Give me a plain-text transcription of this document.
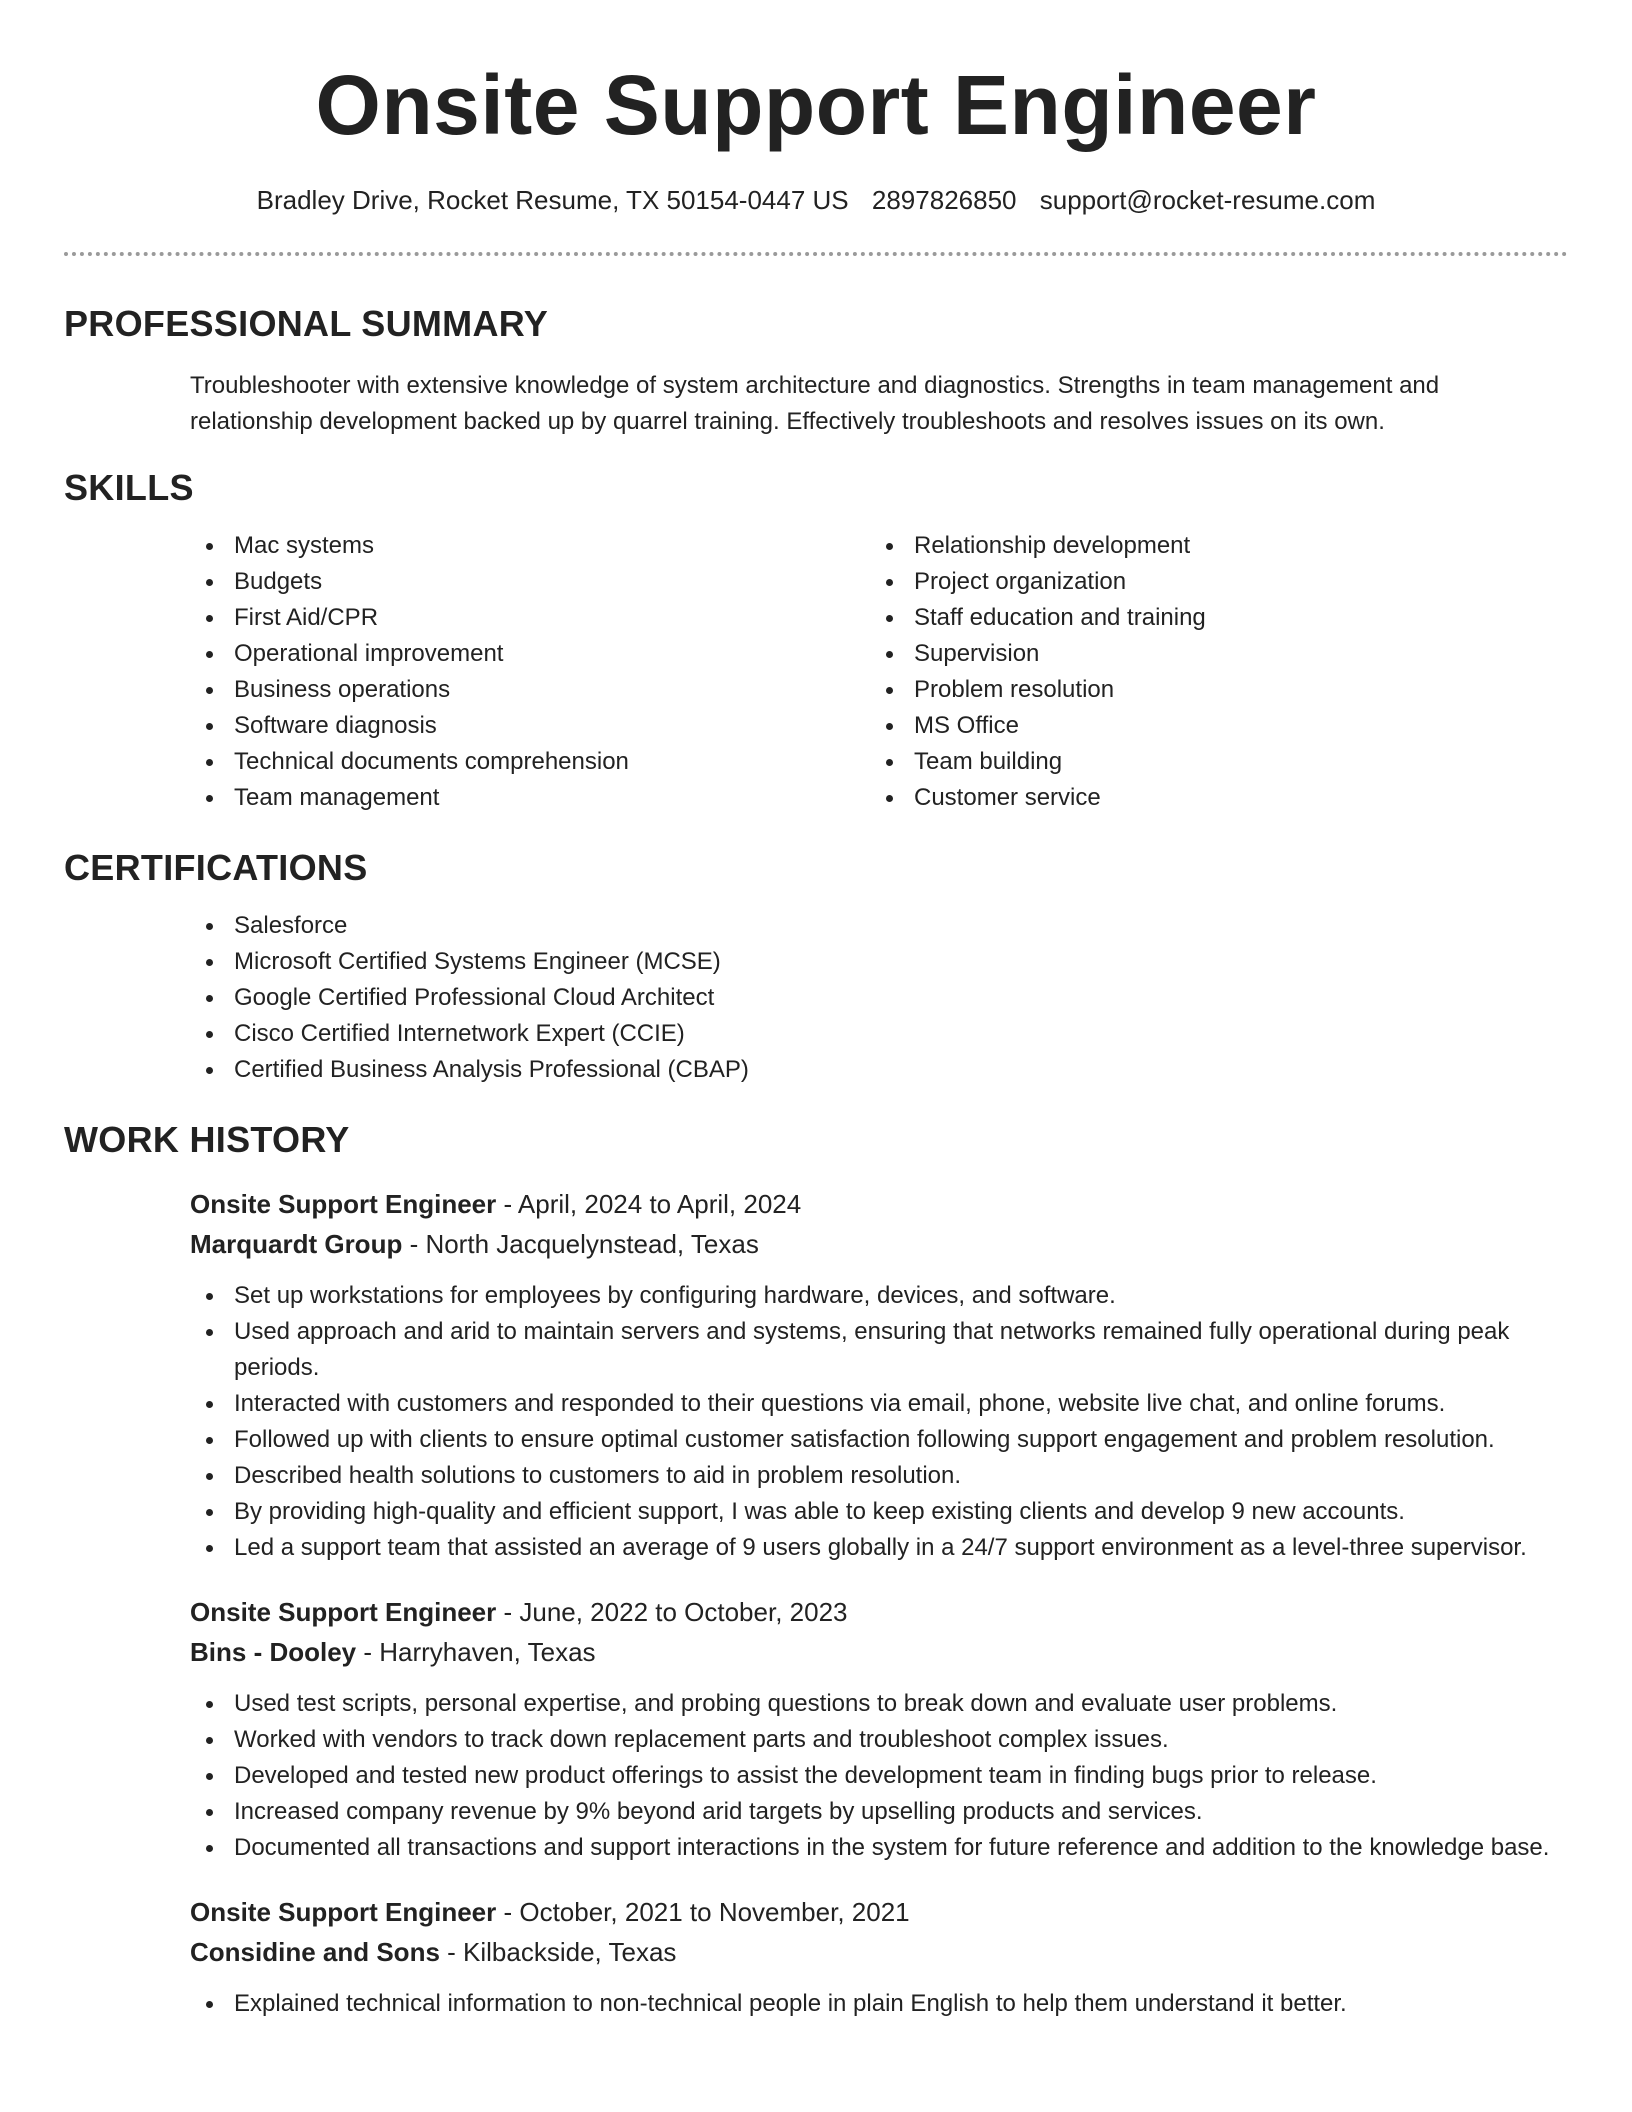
Onsite Support Engineer
Bradley Drive, Rocket Resume, TX 50154-0447 US 2897826850 support@rocket-resume.com
PROFESSIONAL SUMMARY

Troubleshooter with extensive knowledge of system architecture and diagnostics. Strengths in team management and relationship development backed up by quarrel training. Effectively troubleshoots and resolves issues on its own.

SKILLS
Mac systems
Budgets
First Aid/CPR
Operational improvement
Business operations
Software diagnosis
Technical documents comprehension
Team management
Relationship development
Project organization
Staff education and training
Supervision
Problem resolution
MS Office
Team building
Customer service
CERTIFICATIONS
Salesforce
Microsoft Certified Systems Engineer (MCSE)
Google Certified Professional Cloud Architect
Cisco Certified Internetwork Expert (CCIE)
Certified Business Analysis Professional (CBAP)
WORK HISTORY
Onsite Support Engineer - April, 2024 to April, 2024
Marquardt Group - North Jacquelynstead, Texas
Set up workstations for employees by configuring hardware, devices, and software.
Used approach and arid to maintain servers and systems, ensuring that networks remained fully operational during peak periods.
Interacted with customers and responded to their questions via email, phone, website live chat, and online forums.
Followed up with clients to ensure optimal customer satisfaction following support engagement and problem resolution.
Described health solutions to customers to aid in problem resolution.
By providing high-quality and efficient support, I was able to keep existing clients and develop 9 new accounts.
Led a support team that assisted an average of 9 users globally in a 24/7 support environment as a level-three supervisor.
Onsite Support Engineer - June, 2022 to October, 2023
Bins - Dooley - Harryhaven, Texas
Used test scripts, personal expertise, and probing questions to break down and evaluate user problems.
Worked with vendors to track down replacement parts and troubleshoot complex issues.
Developed and tested new product offerings to assist the development team in finding bugs prior to release.
Increased company revenue by 9% beyond arid targets by upselling products and services.
Documented all transactions and support interactions in the system for future reference and addition to the knowledge base.
Onsite Support Engineer - October, 2021 to November, 2021
Considine and Sons - Kilbackside, Texas
Explained technical information to non-technical people in plain English to help them understand it better.
